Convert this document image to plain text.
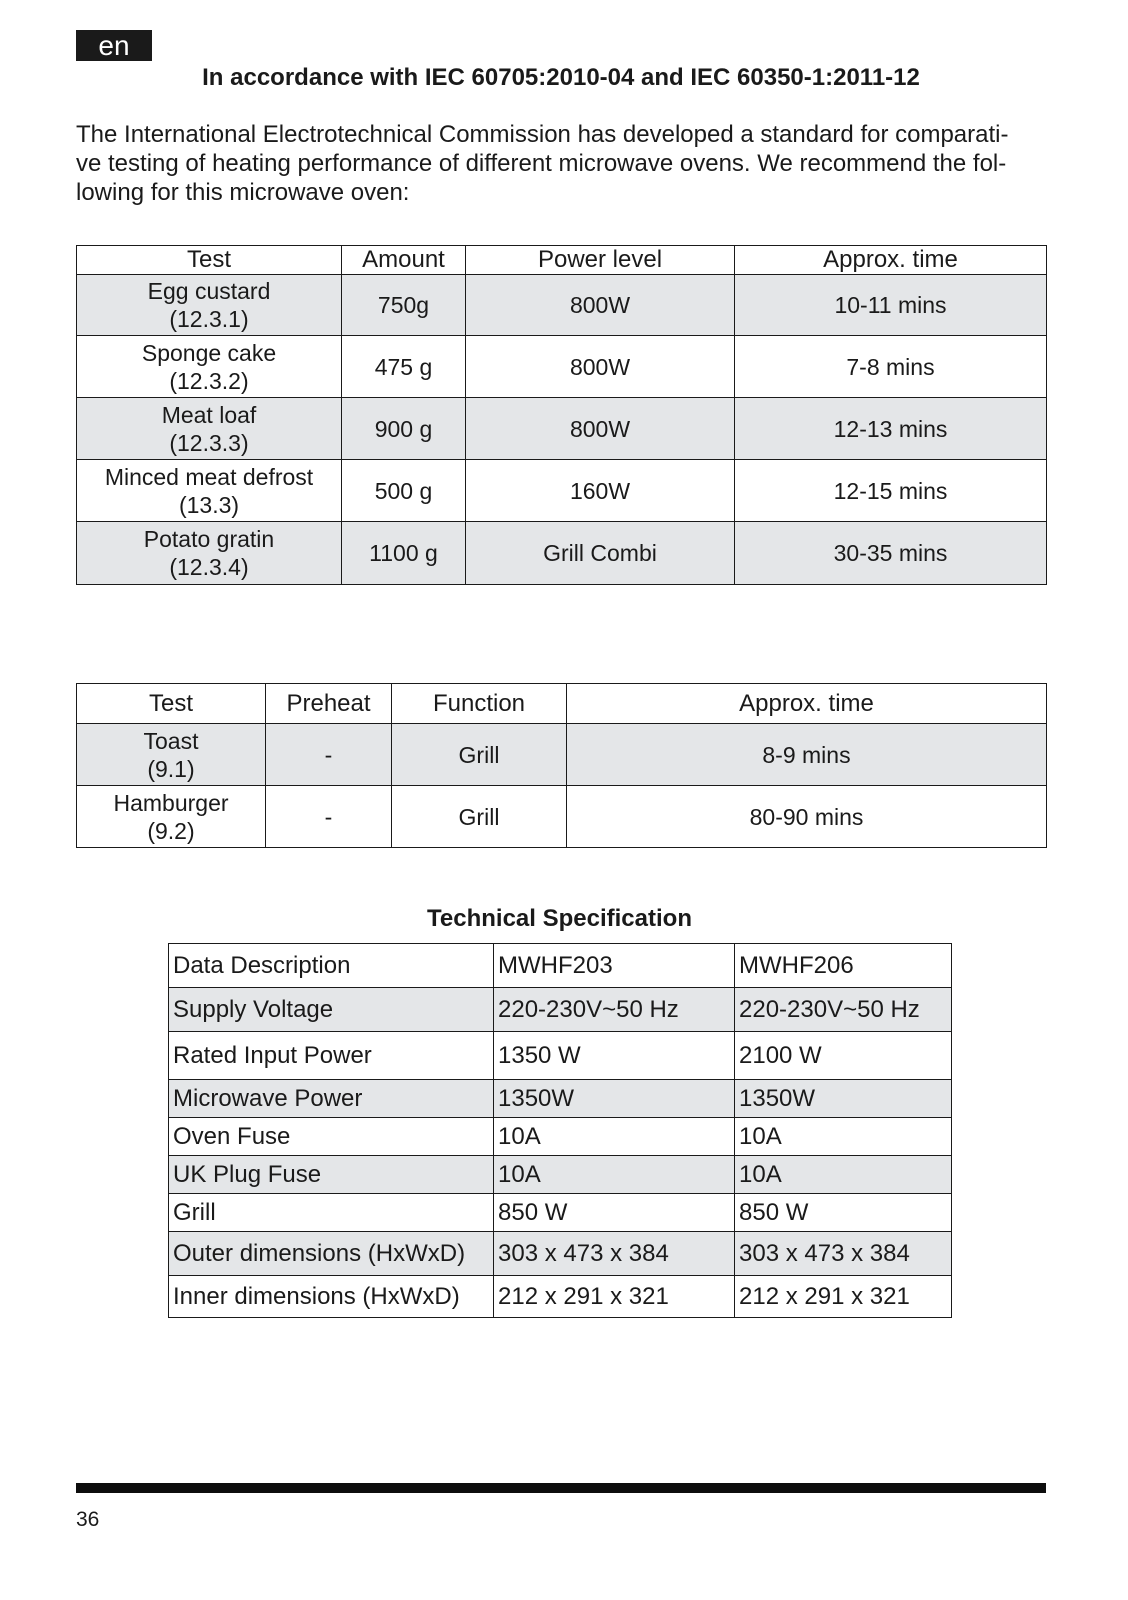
en
In accordance with IEC 60705:2010-04 and IEC 60350-1:2011-12
The International Electrotechnical Commission has developed a standard for comparati-
ve testing of heating performance of different microwave ovens. We recommend the fol-
lowing for this microwave oven:
Test	Amount	Power level	Approx. time

Egg custard
(12.3.1)	750g	800W	10-11 mins

Sponge cake
(12.3.2)	475 g	800W	7-8 mins

Meat loaf
(12.3.3)	900 g	800W	12-13 mins

Minced meat defrost
(13.3)	500 g	160W	12-15 mins

Potato gratin
(12.3.4)	1100 g	Grill Combi	30-35 mins
Test	Preheat	Function	Approx. time

Toast
(9.1)	-	Grill	8-9 mins

Hamburger
(9.2)	-	Grill	80-90 mins
Technical Specification
Data Description	MWHF203	MWHF206
Supply Voltage	220-230V~50 Hz	220-230V~50 Hz
Rated Input Power	1350 W	2100 W
Microwave Power	1350W	1350W
Oven Fuse	10A	10A
UK Plug Fuse	10A	10A
Grill	850 W	850 W
Outer dimensions (HxWxD)	303 x 473 x 384	303 x 473 x 384
Inner dimensions (HxWxD)	212 x 291 x 321	212 x 291 x 321
36
